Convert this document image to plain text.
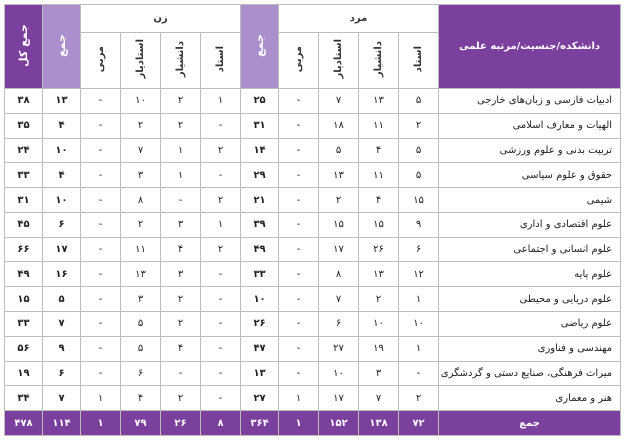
جمع کل	جمع	زن				جمع	مرد				دانشکده/جنسیت/مرتبه علمی
		مربی	استادیار	دانشیار	استاد		مربی	استادیار	دانشیار	استاد	
۳۸	۱۳	-	۱۰	۲	۱	۲۵	-	۷	۱۳	۵	ادبیات فارسی و زبان‌های خارجی
۳۵	۴	-	۲	۲	-	۳۱	-	۱۸	۱۱	۲	الهیات و معارف اسلامی
۲۴	۱۰	-	۷	۱	۲	۱۴	-	۵	۴	۵	تربیت بدنی و علوم ورزشی
۳۳	۴	-	۳	۱	-	۲۹	-	۱۳	۱۱	۵	حقوق و علوم سیاسی
۳۱	۱۰	-	۸	-	۲	۲۱	-	۲	۴	۱۵	شیمی
۴۵	۶	-	۲	۳	۱	۳۹	-	۱۵	۱۵	۹	علوم اقتصادی و اداری
۶۶	۱۷	-	۱۱	۴	۲	۴۹	-	۱۷	۲۶	۶	علوم انسانی و اجتماعی
۴۹	۱۶	-	۱۳	۳	-	۳۳	-	۸	۱۳	۱۲	علوم پایه
۱۵	۵	-	۳	۲	-	۱۰	-	۷	۲	۱	علوم دریایی و محیطی
۳۳	۷	-	۵	۲	-	۲۶	-	۶	۱۰	۱۰	علوم ریاضی
۵۶	۹	-	۵	۴	-	۴۷	-	۲۷	۱۹	۱	مهندسی و فناوری
۱۹	۶	-	۶	-	-	۱۳	-	۱۰	۳	-	میراث فرهنگی، صنایع دستی و گردشگری
۳۴	۷	۱	۴	۲	-	۲۷	۱	۱۷	۷	۲	هنر و معماری
۴۷۸	۱۱۴	۱	۷۹	۲۶	۸	۳۶۴	۱	۱۵۲	۱۳۸	۷۲	جمع
